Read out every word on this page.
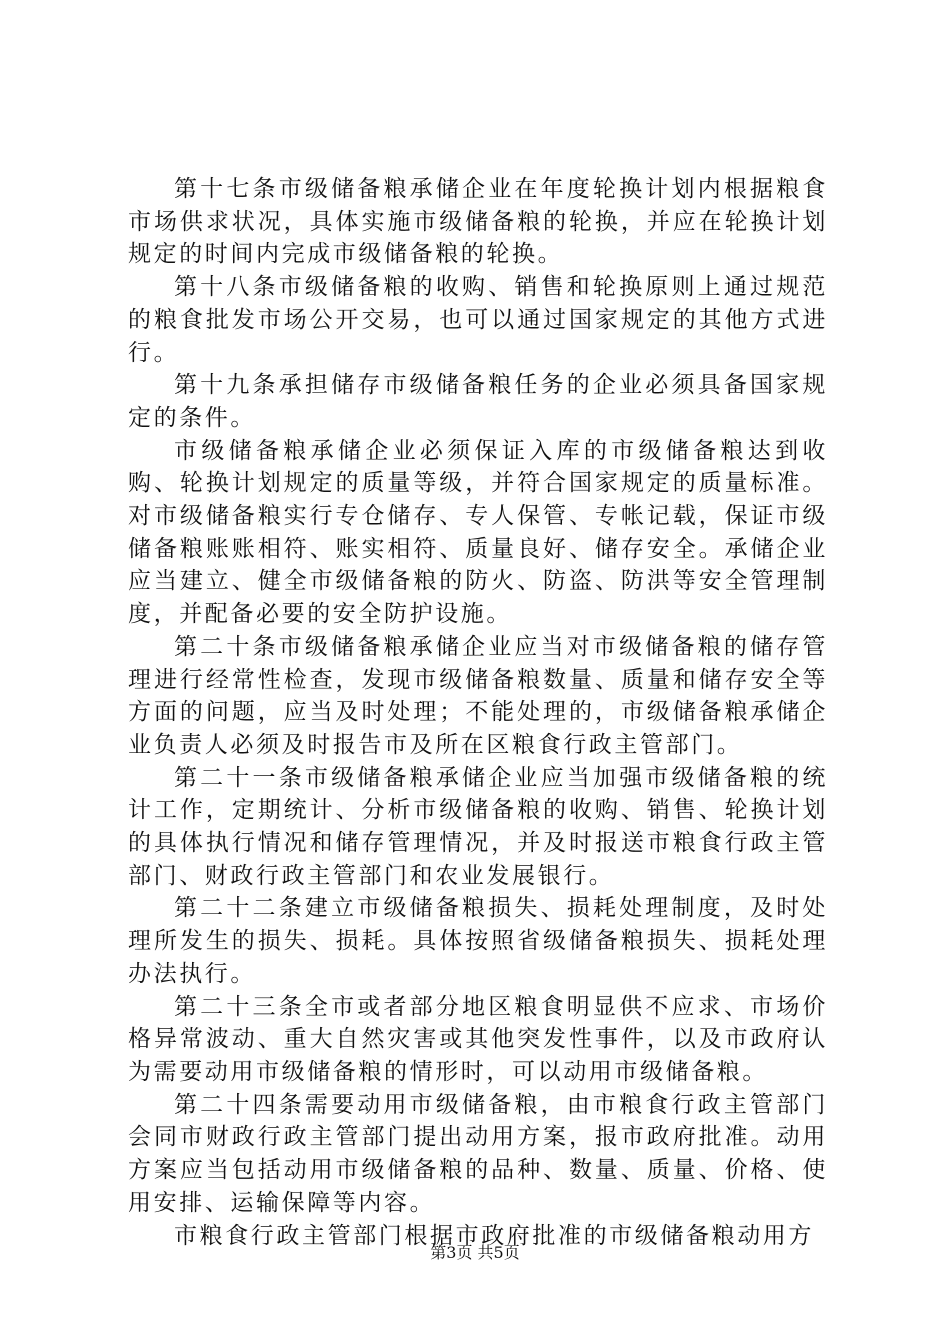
第十七条市级储备粮承储企业在年度轮换计划内根据粮食市场供求状况，具体实施市级储备粮的轮换，并应在轮换计划规定的时间内完成市级储备粮的轮换。

第十八条市级储备粮的收购、销售和轮换原则上通过规范的粮食批发市场公开交易，也可以通过国家规定的其他方式进行。

第十九条承担储存市级储备粮任务的企业必须具备国家规定的条件。

市级储备粮承储企业必须保证入库的市级储备粮达到收购、轮换计划规定的质量等级，并符合国家规定的质量标准。对市级储备粮实行专仓储存、专人保管、专帐记载，保证市级储备粮账账相符、账实相符、质量良好、储存安全。承储企业应当建立、健全市级储备粮的防火、防盗、防洪等安全管理制度，并配备必要的安全防护设施。

第二十条市级储备粮承储企业应当对市级储备粮的储存管理进行经常性检查，发现市级储备粮数量、质量和储存安全等方面的问题，应当及时处理；不能处理的，市级储备粮承储企业负责人必须及时报告市及所在区粮食行政主管部门。

第二十一条市级储备粮承储企业应当加强市级储备粮的统计工作，定期统计、分析市级储备粮的收购、销售、轮换计划的具体执行情况和储存管理情况，并及时报送市粮食行政主管部门、财政行政主管部门和农业发展银行。

第二十二条建立市级储备粮损失、损耗处理制度，及时处理所发生的损失、损耗。具体按照省级储备粮损失、损耗处理办法执行。

第二十三条全市或者部分地区粮食明显供不应求、市场价格异常波动、重大自然灾害或其他突发性事件，以及市政府认为需要动用市级储备粮的情形时，可以动用市级储备粮。

第二十四条需要动用市级储备粮，由市粮食行政主管部门会同市财政行政主管部门提出动用方案，报市政府批准。动用方案应当包括动用市级储备粮的品种、数量、质量、价格、使用安排、运输保障等内容。

市粮食行政主管部门根据市政府批准的市级储备粮动用方

第3页 共5页
